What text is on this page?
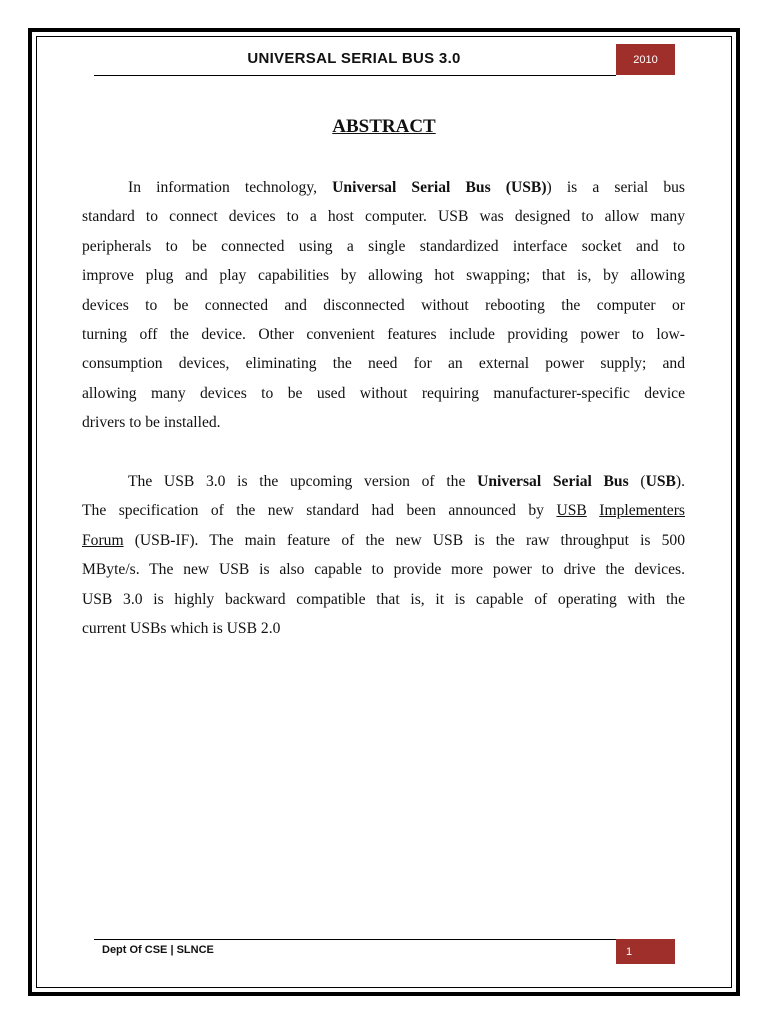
UNIVERSAL SERIAL BUS 3.0	2010
ABSTRACT
In information technology, Universal Serial Bus (USB)) is a serial bus
standard to connect devices to a host computer. USB was designed to allow many
peripherals to be connected using a single standardized interface socket and to
improve plug and play capabilities by allowing hot swapping; that is, by allowing
devices to be connected and disconnected without rebooting the computer or
turning off the device. Other convenient features include providing power to low-
consumption devices, eliminating the need for an external power supply; and
allowing many devices to be used without requiring manufacturer-specific device
drivers to be installed.
The USB 3.0 is the upcoming version of the Universal Serial Bus (USB).
The specification of the new standard had been announced by USB Implementers
Forum (USB-IF). The main feature of the new USB is the raw throughput is 500
MByte/s. The new USB is also capable to provide more power to drive the devices.
USB 3.0 is highly backward compatible that is, it is capable of operating with the
current USBs which is USB 2.0
Dept Of CSE | SLNCE	1
